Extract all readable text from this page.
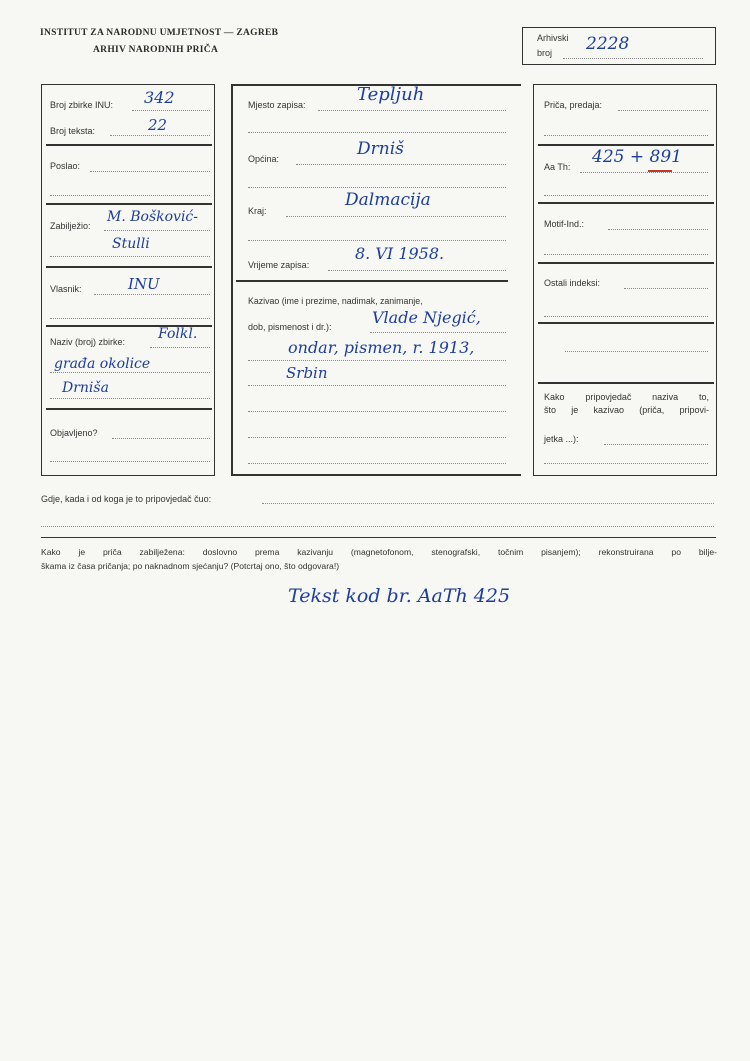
INSTITUT ZA NARODNU UMJETNOST — ZAGREB
ARHIV NARODNIH PRIČA
Arhivski
broj 2228
Broj zbirke INU: 342
Broj teksta:	22
Poslao:
Zabilježio:
M. Bošković-
Stulli
Vlasnik:	INU
Naziv (broj) zbirke: Folkl.
građa okolice
Drniša
Objavljeno?
Mjesto zapisa:	Tepljuh
Općina:	Drniš
Kraj:
Dalmacija
Vrijeme zapisa:
8. VI 1958.
Kazivao (ime i prezime, nadimak, zanimanje,
dob, pismenost i dr.):	Vlade Njegić,
ondar, pismen, r. 1913,
Srbin
Priča, predaja:
Aa Th: 425 + 891
Motif-Ind.:
Ostali indeksi:
Kako pripovjedač naziva to,
što je kazivao (priča, pripovi-
jetka ...):
Gdje, kada i od koga je to pripovjedač čuo:
Kako je priča zabilježena: doslovno prema kazivanju (magnetofonom, stenografski, točnim pisanjem); rekonstruirana po bilje-
škama iz časa pričanja; po naknadnom sjećanju? (Potcrtaj ono, što odgovara!)
Tekst kod br. AaTh 425
